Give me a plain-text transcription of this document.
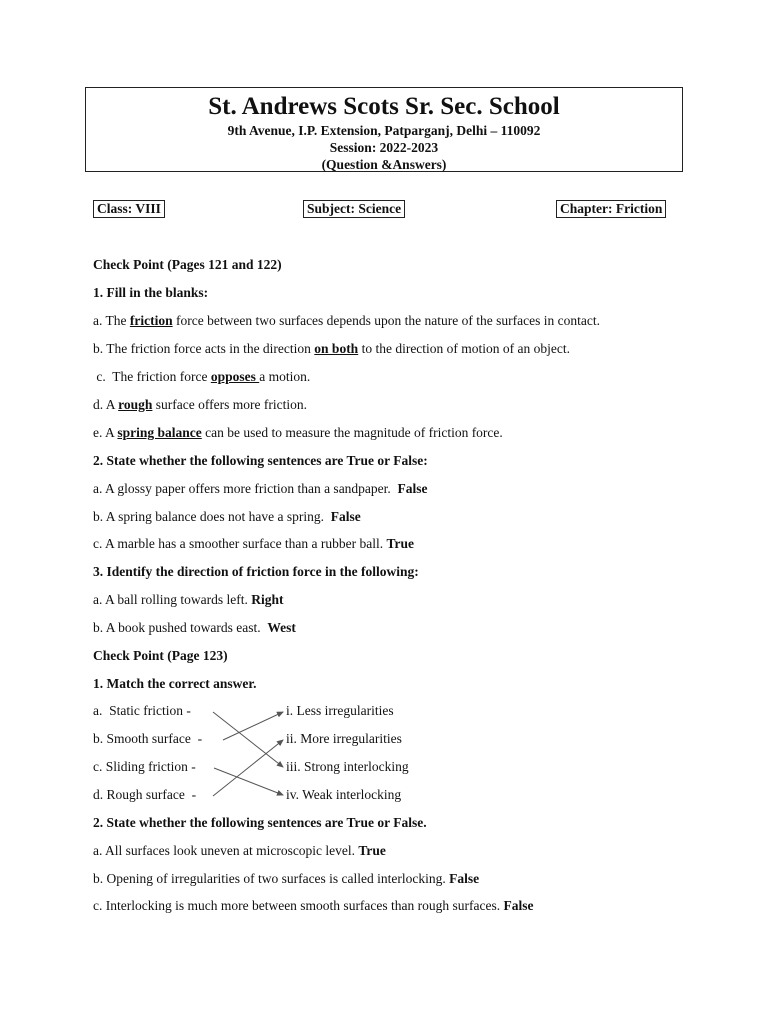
St. Andrews Scots Sr. Sec. School
9th Avenue, I.P. Extension, Patparganj, Delhi – 110092
Session: 2022-2023
(Question &Answers)
Class: VIII	Subject: Science	Chapter: Friction
Check Point (Pages 121 and 122)
1. Fill in the blanks:
a. The friction force between two surfaces depends upon the nature of the surfaces in contact.
b. The friction force acts in the direction on both to the direction of motion of an object.
c.  The friction force opposes a motion.
d. A rough surface offers more friction.
e. A spring balance can be used to measure the magnitude of friction force.
2. State whether the following sentences are True or False:
a. A glossy paper offers more friction than a sandpaper.  False
b. A spring balance does not have a spring.  False
c. A marble has a smoother surface than a rubber ball. True
3. Identify the direction of friction force in the following:
a. A ball rolling towards left. Right
b. A book pushed towards east.  West
Check Point (Page 123)
1. Match the correct answer.
a.  Static friction -
b. Smooth surface  -
c. Sliding friction -
d. Rough surface  -
i. Less irregularities
ii. More irregularities
iii. Strong interlocking
iv. Weak interlocking
2. State whether the following sentences are True or False.
a. All surfaces look uneven at microscopic level. True
b. Opening of irregularities of two surfaces is called interlocking. False
c. Interlocking is much more between smooth surfaces than rough surfaces. False
